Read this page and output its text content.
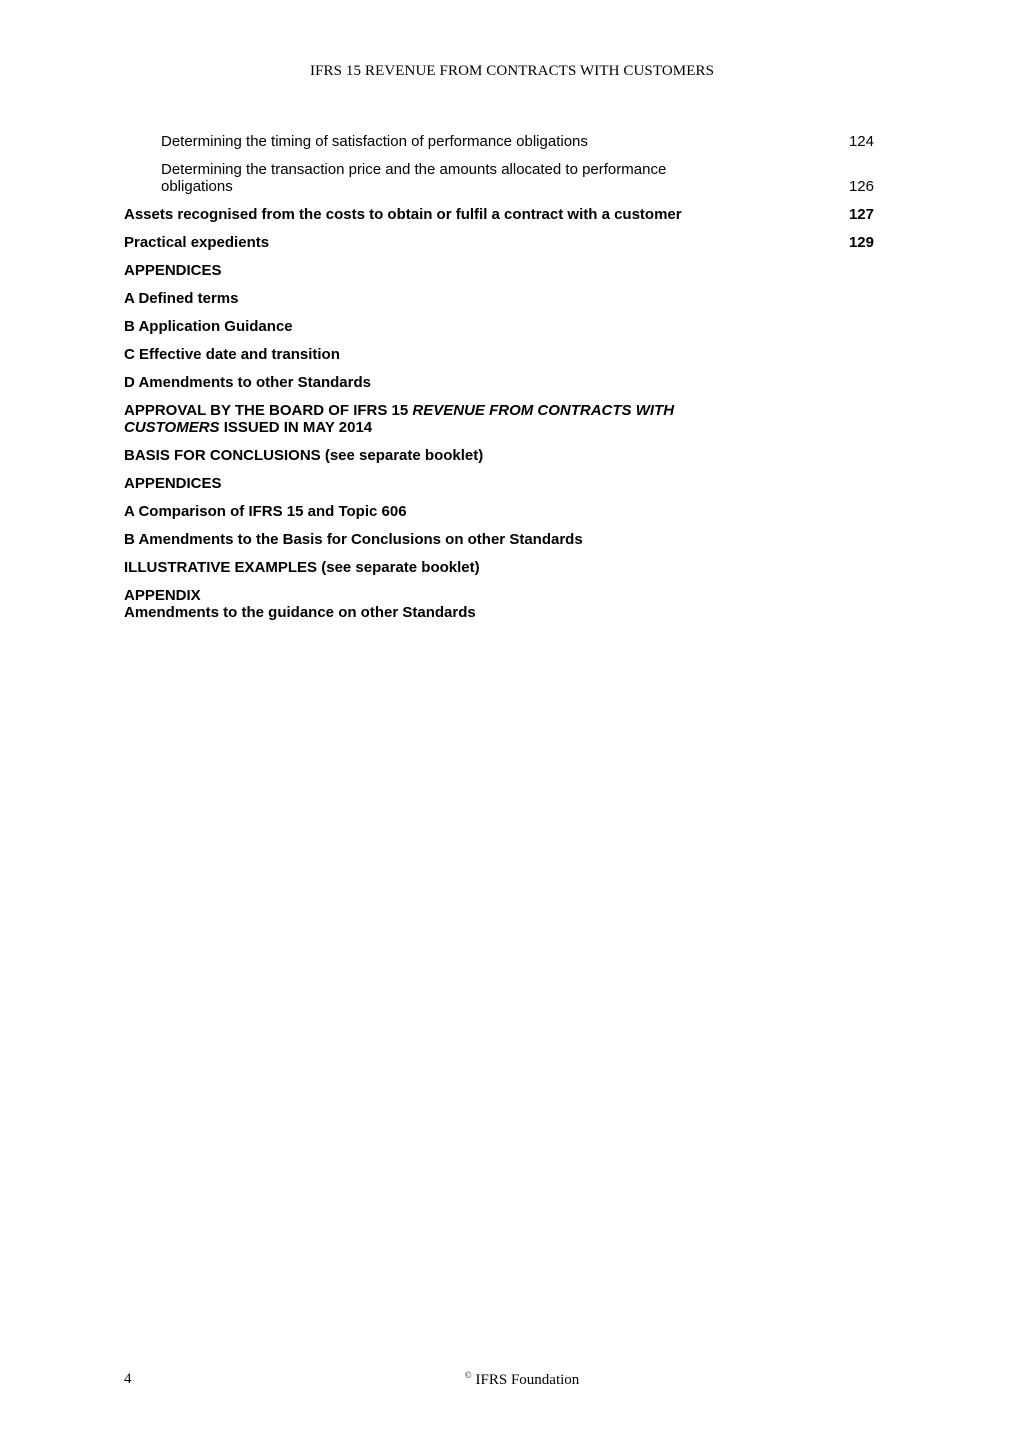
IFRS 15 REVENUE FROM CONTRACTS WITH CUSTOMERS
Determining the timing of satisfaction of performance obligations	124
Determining the transaction price and the amounts allocated to performance
obligations	126
Assets recognised from the costs to obtain or fulfil a contract with a customer	127
Practical expedients	129
APPENDICES
A Defined terms
B Application Guidance
C Effective date and transition
D Amendments to other Standards
APPROVAL BY THE BOARD OF IFRS 15 REVENUE FROM CONTRACTS WITH
CUSTOMERS ISSUED IN MAY 2014
BASIS FOR CONCLUSIONS (see separate booklet)
APPENDICES
A Comparison of IFRS 15 and Topic 606
B Amendments to the Basis for Conclusions on other Standards
ILLUSTRATIVE EXAMPLES (see separate booklet)
APPENDIX
Amendments to the guidance on other Standards
4	© IFRS Foundation
